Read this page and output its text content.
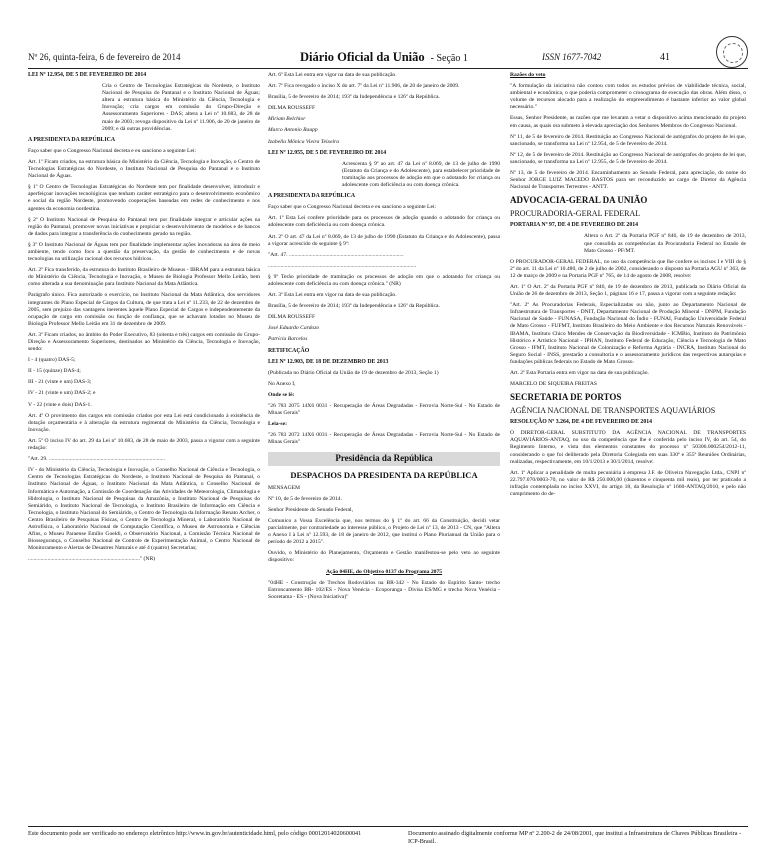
Nº 26, quinta-feira, 6 de fevereiro de 2014	Diário Oficial da União - Seção 1	ISSN 1677-7042	41

LEI Nº 12.954, DE 5 DE FEVEREIRO DE 2014

Cria o Centro de Tecnologias Estratégicas do Nordeste, o Instituto Nacional de Pesquisa do Pantanal e o Instituto Nacional de Águas; altera a estrutura básica do Ministério da Ciência, Tecnologia e Inovação; cria cargos em comissão do Grupo-Direção e Assessoramento Superiores - DAS; altera a Lei nº 10.683, de 28 de maio de 2003; revoga dispositivo da Lei nº 11.906, de 20 de janeiro de 2009; e dá outras providências.

A PRESIDENTA DA REPÚBLICA

Faço saber que o Congresso Nacional decreta e eu sanciono a seguinte Lei:

Art. 1º Ficam criados, na estrutura básica do Ministério da Ciência, Tecnologia e Inovação, o Centro de Tecnologias Estratégicas do Nordeste, o Instituto Nacional de Pesquisa do Pantanal e o Instituto Nacional de Águas.

§ 1º O Centro de Tecnologias Estratégicas do Nordeste tem por finalidade desenvolver, introduzir e aperfeiçoar inovações tecnológicas que tenham caráter estratégico para o desenvolvimento econômico e social da região Nordeste, promovendo cooperações baseadas em redes de conhecimento e nos agentes da economia nordestina.

§ 2º O Instituto Nacional de Pesquisa do Pantanal tem por finalidade integrar e articular ações na região do Pantanal, promover novas iniciativas e propiciar o desenvolvimento de modelos e de bancos de dados para integrar a transferência do conhecimento gerado na região.

§ 3º O Instituto Nacional de Águas tem por finalidade implementar ações inovadoras na área de meio ambiente, tendo como foco a questão da preservação, da gestão de conhecimento e de novas tecnologias na utilização racional dos recursos hídricos.

Art. 2º Fica transferido, da estrutura do Instituto Brasileiro de Museus - IBRAM para a estrutura básica do Ministério da Ciência, Tecnologia e Inovação, o Museu de Biologia Professor Mello Leitão, bem como alterada a sua denominação para Instituto Nacional da Mata Atlântica.

Parágrafo único. Fica autorizado o exercício, no Instituto Nacional da Mata Atlântica, dos servidores integrantes do Plano Especial de Cargos da Cultura, de que trata a Lei nº 11.233, de 22 de dezembro de 2005, sem prejuízo das vantagens inerentes àquele Plano Especial de Cargos e independentemente da ocupação de cargo em comissão ou função de confiança, que se achavam lotados no Museu de Biologia Professor Mello Leitão em 31 de dezembro de 2009.

Art. 3º Ficam criados, no âmbito do Poder Executivo, 83 (oitenta e três) cargos em comissão do Grupo-Direção e Assessoramento Superiores, destinados ao Ministério da Ciência, Tecnologia e Inovação, sendo:

I - 4 (quatro) DAS-5;

II - 15 (quinze) DAS-4;

III - 21 (vinte e um) DAS-3;

IV - 21 (vinte e um) DAS-2; e

V - 22 (vinte e dois) DAS-1.

Art. 4º O provimento dos cargos em comissão criados por esta Lei está condicionado à existência de dotação orçamentária e à alteração da estrutura regimental do Ministério da Ciência, Tecnologia e Inovação.

Art. 5º O inciso IV do art. 29 da Lei nº 10.683, de 28 de maio de 2003, passa a vigorar com a seguinte redação:

"Art. 29. ...................................................................................

IV - do Ministério da Ciência, Tecnologia e Inovação, o Conselho Nacional de Ciência e Tecnologia, o Centro de Tecnologias Estratégicas do Nordeste, o Instituto Nacional de Pesquisa do Pantanal, o Instituto Nacional de Águas, o Instituto Nacional da Mata Atlântica, o Conselho Nacional de Informática e Automação, a Comissão de Coordenação das Atividades de Meteorologia, Climatologia e Hidrologia, o Instituto Nacional de Pesquisas da Amazônia, o Instituto Nacional de Pesquisas do Semiárido, o Instituto Nacional de Tecnologia, o Instituto Brasileiro de Informação em Ciência e Tecnologia, o Instituto Nacional do Semiárido, o Centro de Tecnologia da Informação Renato Archer, o Centro Brasileiro de Pesquisas Físicas, o Centro de Tecnologia Mineral, o Laboratório Nacional de Astrofísica, o Laboratório Nacional de Computação Científica, o Museu de Astronomia e Ciências Afins, o Museu Paraense Emílio Goeldi, o Observatório Nacional, a Comissão Técnica Nacional de Biossegurança, o Conselho Nacional de Controle de Experimentação Animal, o Centro Nacional de Monitoramento e Alertas de Desastres Naturais e até 4 (quatro) Secretarias;

................................................................................" (NR)

Art. 6º Esta Lei entra em vigor na data de sua publicação.

Art. 7º Fica revogado o inciso X do art. 7º da Lei nº 11.906, de 20 de janeiro de 2009.

Brasília, 5 de fevereiro de 2014; 193º da Independência e 126º da República.

DILMA ROUSSEFF

Miriam Belchior

Marco Antonio Raupp

Izabella Mônica Vieira Teixeira

LEI Nº 12.955, DE 5 DE FEVEREIRO DE 2014

Acrescenta § 9º ao art. 47 da Lei nº 8.069, de 13 de julho de 1990 (Estatuto da Criança e do Adolescente), para estabelecer prioridade de tramitação aos processos de adoção em que o adotando for criança ou adolescente com deficiência ou com doença crônica.

A PRESIDENTA DA REPÚBLICA

Faço saber que o Congresso Nacional decreta e eu sanciono a seguinte Lei:

Art. 1º Esta Lei confere prioridade para os processos de adoção quando o adotando for criança ou adolescente com deficiência ou com doença crônica.

Art. 2º O art. 47 da Lei nº 8.069, de 13 de julho de 1990 (Estatuto da Criança e do Adolescente), passa a vigorar acrescido do seguinte § 9º:

"Art. 47. ..................................................................................

..........................................................................................................

§ 9º Terão prioridade de tramitação os processos de adoção em que o adotando for criança ou adolescente com deficiência ou com doença crônica." (NR)

Art. 3º Esta Lei entra em vigor na data de sua publicação.

Brasília, 5 de fevereiro de 2014; 193º da Independência e 126º da República.

DILMA ROUSSEFF

José Eduardo Cardozo

Patrícia Barcelos

RETIFICAÇÃO

LEI Nº 12.903, DE 18 DE DEZEMBRO DE 2013

(Publicada no Diário Oficial da União de 19 de dezembro de 2013, Seção 1)

No Anexo I,

Onde se lê:

"26 783 2075 14X6 0031 - Recuperação de Áreas Degradadas - Ferrovia Norte-Sul - No Estado de Minas Gerais"

Leia-se:

"26 783 2072 14X6 0031 - Recuperação de Áreas Degradadas - Ferrovia Norte-Sul - No Estado de Minas Gerais"

Presidência da República
DESPACHOS DA PRESIDENTA DA REPÚBLICA

MENSAGEM

Nº 10, de 5 de fevereiro de 2014.

Senhor Presidente do Senado Federal,

Comunico a Vossa Excelência que, nos termos do § 1º do art. 66 da Constituição, decidi vetar parcialmente, por contrariedade ao interesse público, o Projeto de Lei nº 13, de 2013 - CN, que "Altera o Anexo I à Lei nº 12.593, de 18 de janeiro de 2012, que institui o Plano Plurianual da União para o período de 2012 a 2015".

Ouvido, o Ministério do Planejamento, Orçamento e Gestão manifestou-se pelo veto ao seguinte dispositivo:

Ação 04HE, do Objetivo 0137 do Programa 2075

"04HE - Construção de Trechos Rodoviários na BR-342 - No Estado do Espírito Santo- trecho Entroncamento BR- 102/ES - Nova Venécia - Ecoporanga - Divisa ES/MG e trecho Nova Venécia - Sooretama - ES - (Nova Iniciativa)"

Razões do veto

"A formulação da iniciativa não contou com todos os estudos prévios de viabilidade técnica, social, ambiental e econômica, o que poderia comprometer o cronograma de execução das obras. Além disso, o volume de recursos alocado para a realização do empreendimento é bastante inferior ao valor global necessário."

Essas, Senhor Presidente, as razões que me levaram a vetar o dispositivo acima mencionado do projeto em causa, as quais ora submeto à elevada apreciação dos Senhores Membros do Congresso Nacional.

Nº 11, de 5 de fevereiro de 2014. Restituição ao Congresso Nacional de autógrafos do projeto de lei que, sancionado, se transforma na Lei nº 12.954, de 5 de fevereiro de 2014.

Nº 12, de 5 de fevereiro de 2014. Restituição ao Congresso Nacional de autógrafos do projeto de lei que, sancionado, se transforma na Lei nº 12.955, de 5 de fevereiro de 2014.

Nº 13, de 5 de fevereiro de 2014. Encaminhamento ao Senado Federal, para apreciação, do nome do Senhor JORGE LUIZ MACEDO BASTOS para ser reconduzido ao cargo de Diretor da Agência Nacional de Transportes Terrestres - ANTT.

ADVOCACIA-GERAL DA UNIÃO

PROCURADORIA-GERAL FEDERAL

PORTARIA Nº 97, DE 4 DE FEVEREIRO DE 2014

Altera o Art. 2º da Portaria PGF nº 846, de 19 de dezembro de 2013, que consolida as competências da Procuradoria Federal no Estado de Mato Grosso - PF/MT.

O PROCURADOR-GERAL FEDERAL, no uso da competência que lhe confere os incisos I e VIII do § 2º do art. 11 da Lei nº 10.480, de 2 de julho de 2002, considerando o disposto na Portaria AGU nº 363, de 12 de março de 2009 e na Portaria PGF nº 765, de 14 de agosto de 2008, resolve:

Art. 1º O Art. 2º da Portaria PGF nº 846, de 19 de dezembro de 2013, publicada no Diário Oficial da União de 26 de dezembro de 2013, Seção 1, páginas 16 e 17, passa a vigorar com a seguinte redação:

"Art. 2º As Procuradorias Federais, Especializadas ou não, junto ao Departamento Nacional de Infraestrutura de Transportes - DNIT, Departamento Nacional de Produção Mineral - DNPM, Fundação Nacional de Saúde - FUNASA, Fundação Nacional do Índio - FUNAI, Fundação Universidade Federal de Mato Grosso - FUFMT, Instituto Brasileiro do Meio Ambiente e dos Recursos Naturais Renováveis - IBAMA, Instituto Chico Mendes de Conservação da Biodiversidade - ICMBio, Instituto do Patrimônio Histórico e Artístico Nacional - IPHAN, Instituto Federal de Educação, Ciência e Tecnologia de Mato Grosso - IFMT, Instituto Nacional de Colonização e Reforma Agrária - INCRA, Instituto Nacional do Seguro Social - INSS, prestarão a consultoria e o assessoramento jurídicos das respectivas autarquias e fundações públicas federais no Estado de Mato Grosso.

Art. 2º Esta Portaria entra em vigor na data de sua publicação.

MARCELO DE SIQUEIRA FREITAS

SECRETARIA DE PORTOS

AGÊNCIA NACIONAL DE TRANSPORTES AQUAVIÁRIOS

RESOLUÇÃO Nº 3.264, DE 4 DE FEVEREIRO DE 2014

O DIRETOR-GERAL SUBSTITUTO DA AGÊNCIA NACIONAL DE TRANSPORTES AQUAVIÁRIOS-ANTAQ, no uso da competência que lhe é conferida pelo inciso IV, do art. 54, do Regimento Interno, e vista dos elementos constantes do processo nº 50306.000254/2012-11, considerando o que foi deliberado pela Diretoria Colegiada em suas 330ª e 355ª Reuniões Ordinárias, realizadas, respectivamente, em 10/1/2013 e 30/1/2014, resolve:

Art. 1º Aplicar a penalidade de multa pecuniária à empresa J.F. de Oliveira Navegação Ltda., CNPJ nº 22.797.070/0003-70, no valor de R$ 250.000,00 (duzentos e cinquenta mil reais), por ter praticado a infração contemplada no inciso XXVI, do artigo 18, da Resolução nº 1660-ANTAQ/2010, e pelo não cumprimento do de-

Este documento pode ser verificado no endereço eletrônico http://www.in.gov.br/autenticidade.html, pelo código 00012014020600041	Documento assinado digitalmente conforme MP nº 2.200-2 de 24/08/2001, que institui a Infraestrutura de Chaves Públicas Brasileira - ICP-Brasil.
